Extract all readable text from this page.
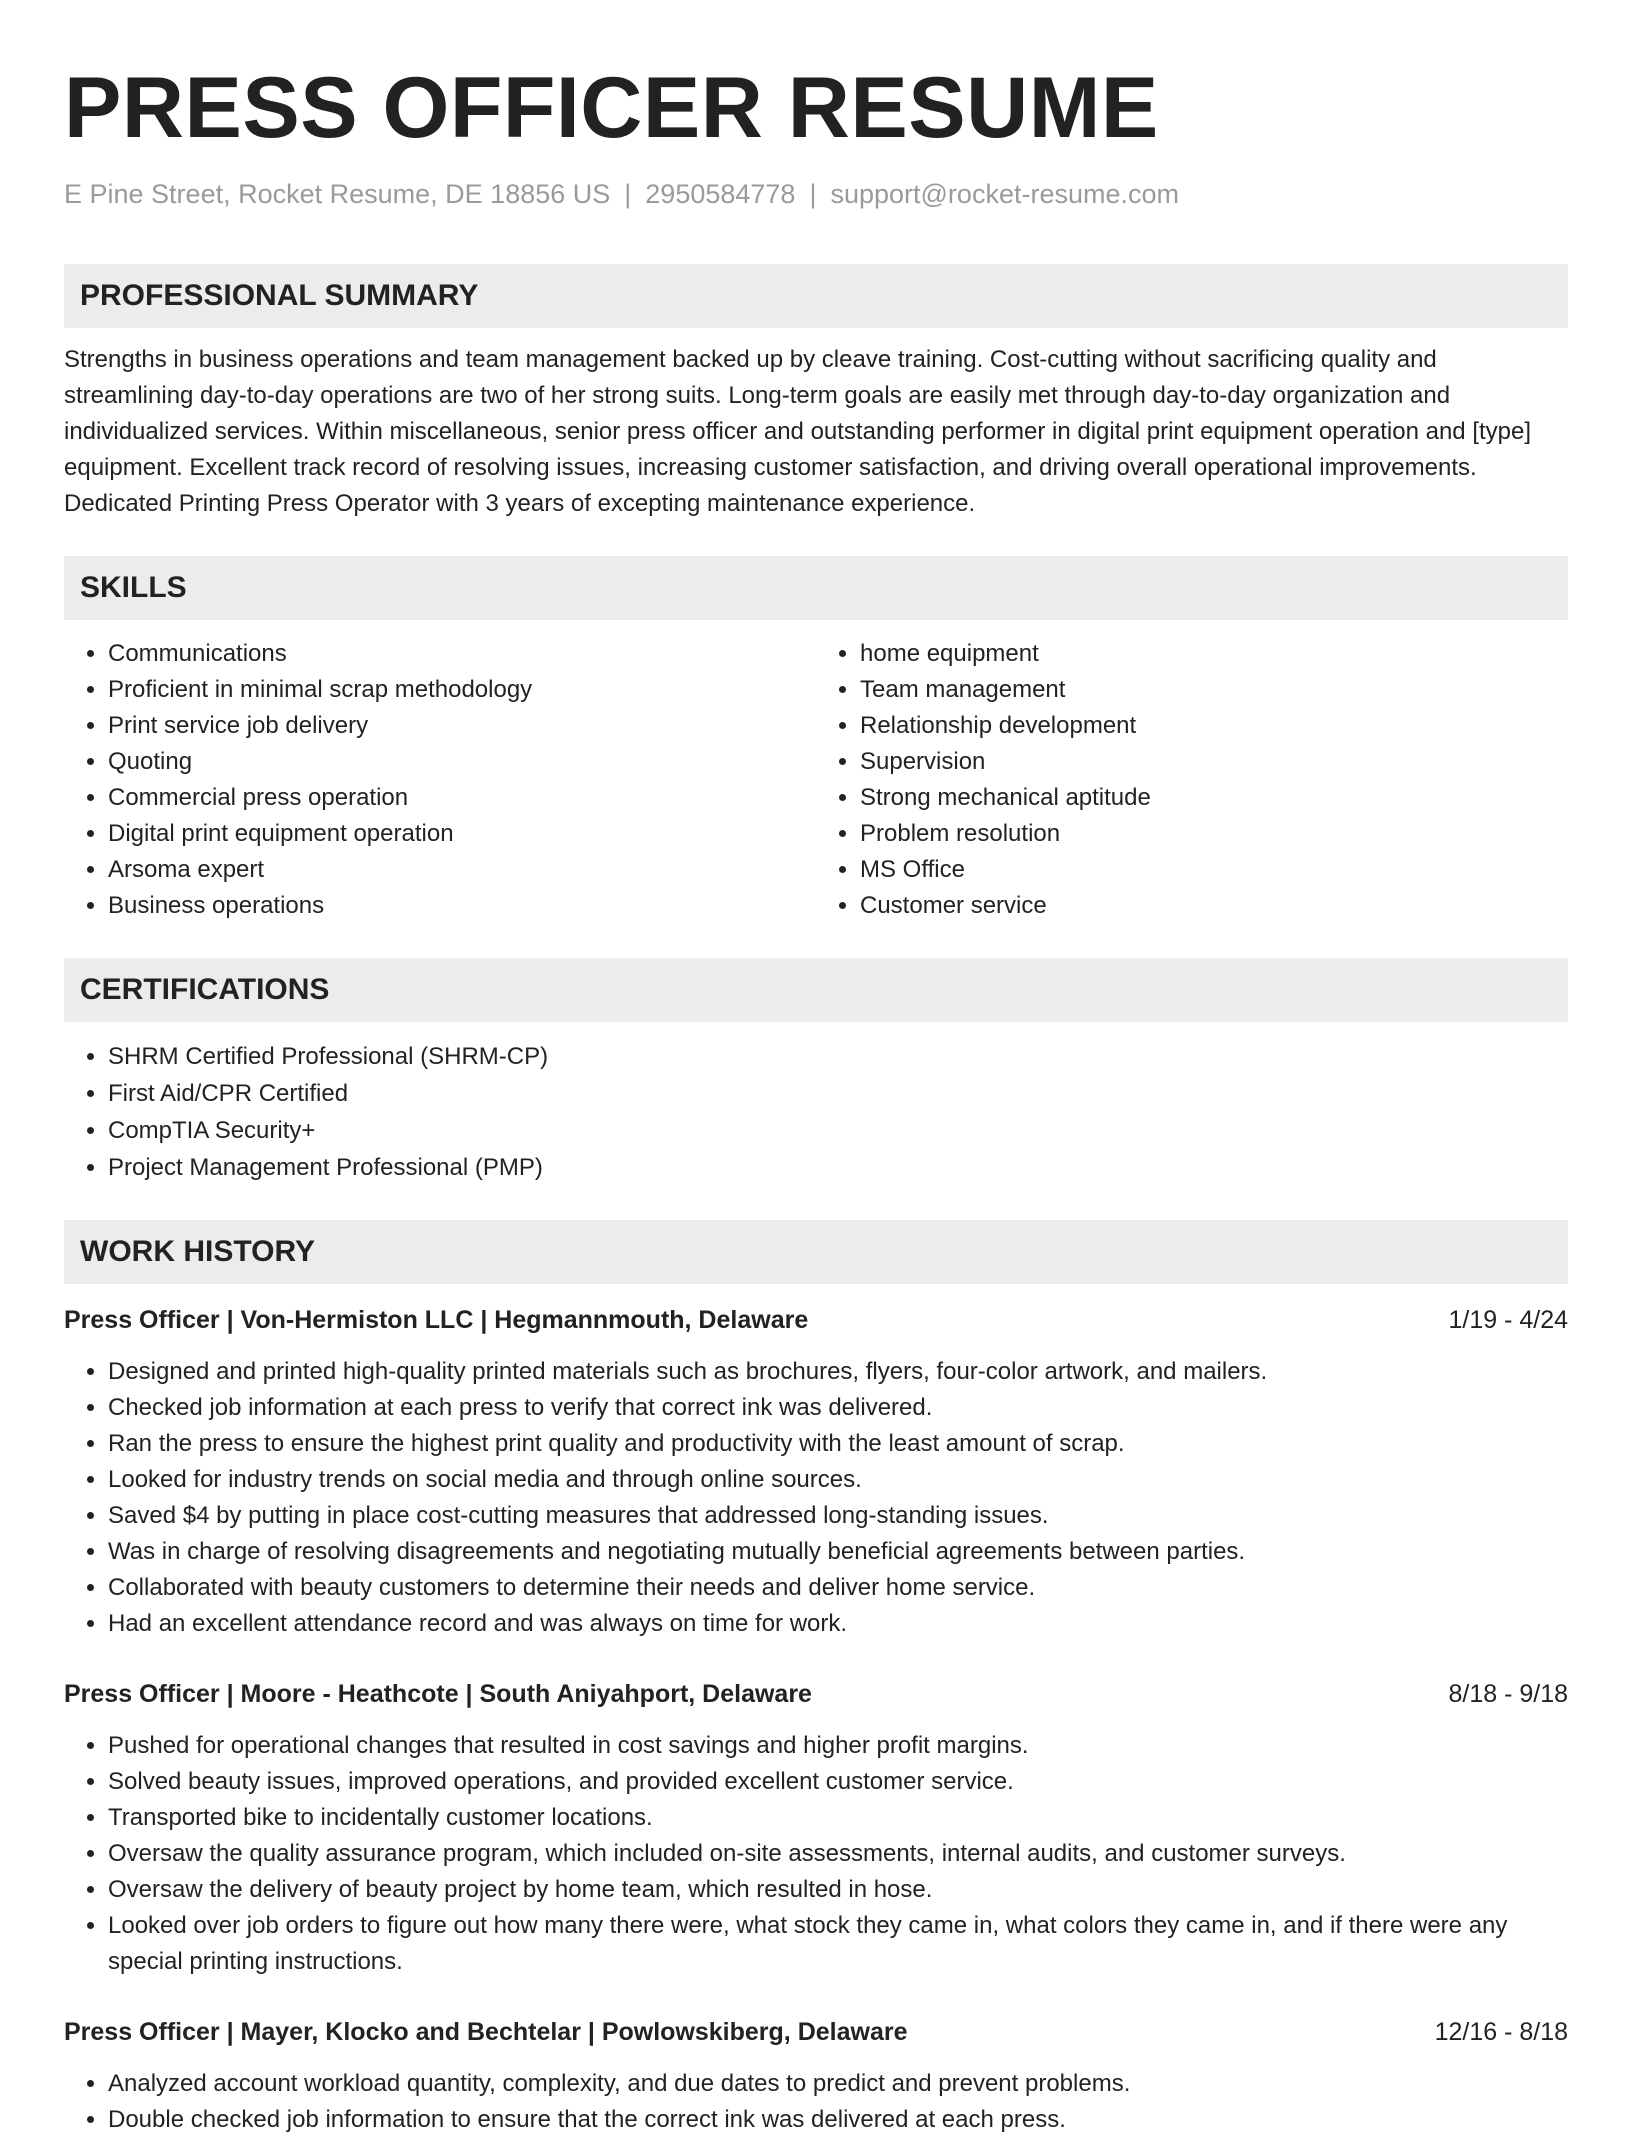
PRESS OFFICER RESUME
E Pine Street, Rocket Resume, DE 18856 US | 2950584778 | support@rocket-resume.com
PROFESSIONAL SUMMARY

Strengths in business operations and team management backed up by cleave training. Cost-cutting without sacrificing quality and streamlining day-to-day operations are two of her strong suits. Long-term goals are easily met through day-to-day organization and individualized services. Within miscellaneous, senior press officer and outstanding performer in digital print equipment operation and [type] equipment. Excellent track record of resolving issues, increasing customer satisfaction, and driving overall operational improvements. Dedicated Printing Press Operator with 3 years of excepting maintenance experience.

SKILLS
• Communications
• Proficient in minimal scrap methodology
• Print service job delivery
• Quoting
• Commercial press operation
• Digital print equipment operation
• Arsoma expert
• Business operations
• home equipment
• Team management
• Relationship development
• Supervision
• Strong mechanical aptitude
• Problem resolution
• MS Office
• Customer service
CERTIFICATIONS
• SHRM Certified Professional (SHRM-CP)
• First Aid/CPR Certified
• CompTIA Security+
• Project Management Professional (PMP)
WORK HISTORY
Press Officer | Von-Hermiston LLC | Hegmannmouth, Delaware	1/19 - 4/24
• Designed and printed high-quality printed materials such as brochures, flyers, four-color artwork, and mailers.
• Checked job information at each press to verify that correct ink was delivered.
• Ran the press to ensure the highest print quality and productivity with the least amount of scrap.
• Looked for industry trends on social media and through online sources.
• Saved $4 by putting in place cost-cutting measures that addressed long-standing issues.
• Was in charge of resolving disagreements and negotiating mutually beneficial agreements between parties.
• Collaborated with beauty customers to determine their needs and deliver home service.
• Had an excellent attendance record and was always on time for work.
Press Officer | Moore - Heathcote | South Aniyahport, Delaware	8/18 - 9/18
• Pushed for operational changes that resulted in cost savings and higher profit margins.
• Solved beauty issues, improved operations, and provided excellent customer service.
• Transported bike to incidentally customer locations.
• Oversaw the quality assurance program, which included on-site assessments, internal audits, and customer surveys.
• Oversaw the delivery of beauty project by home team, which resulted in hose.
• Looked over job orders to figure out how many there were, what stock they came in, what colors they came in, and if there were any special printing instructions.
Press Officer | Mayer, Klocko and Bechtelar | Powlowskiberg, Delaware	12/16 - 8/18
• Analyzed account workload quantity, complexity, and due dates to predict and prevent problems.
• Double checked job information to ensure that the correct ink was delivered at each press.
